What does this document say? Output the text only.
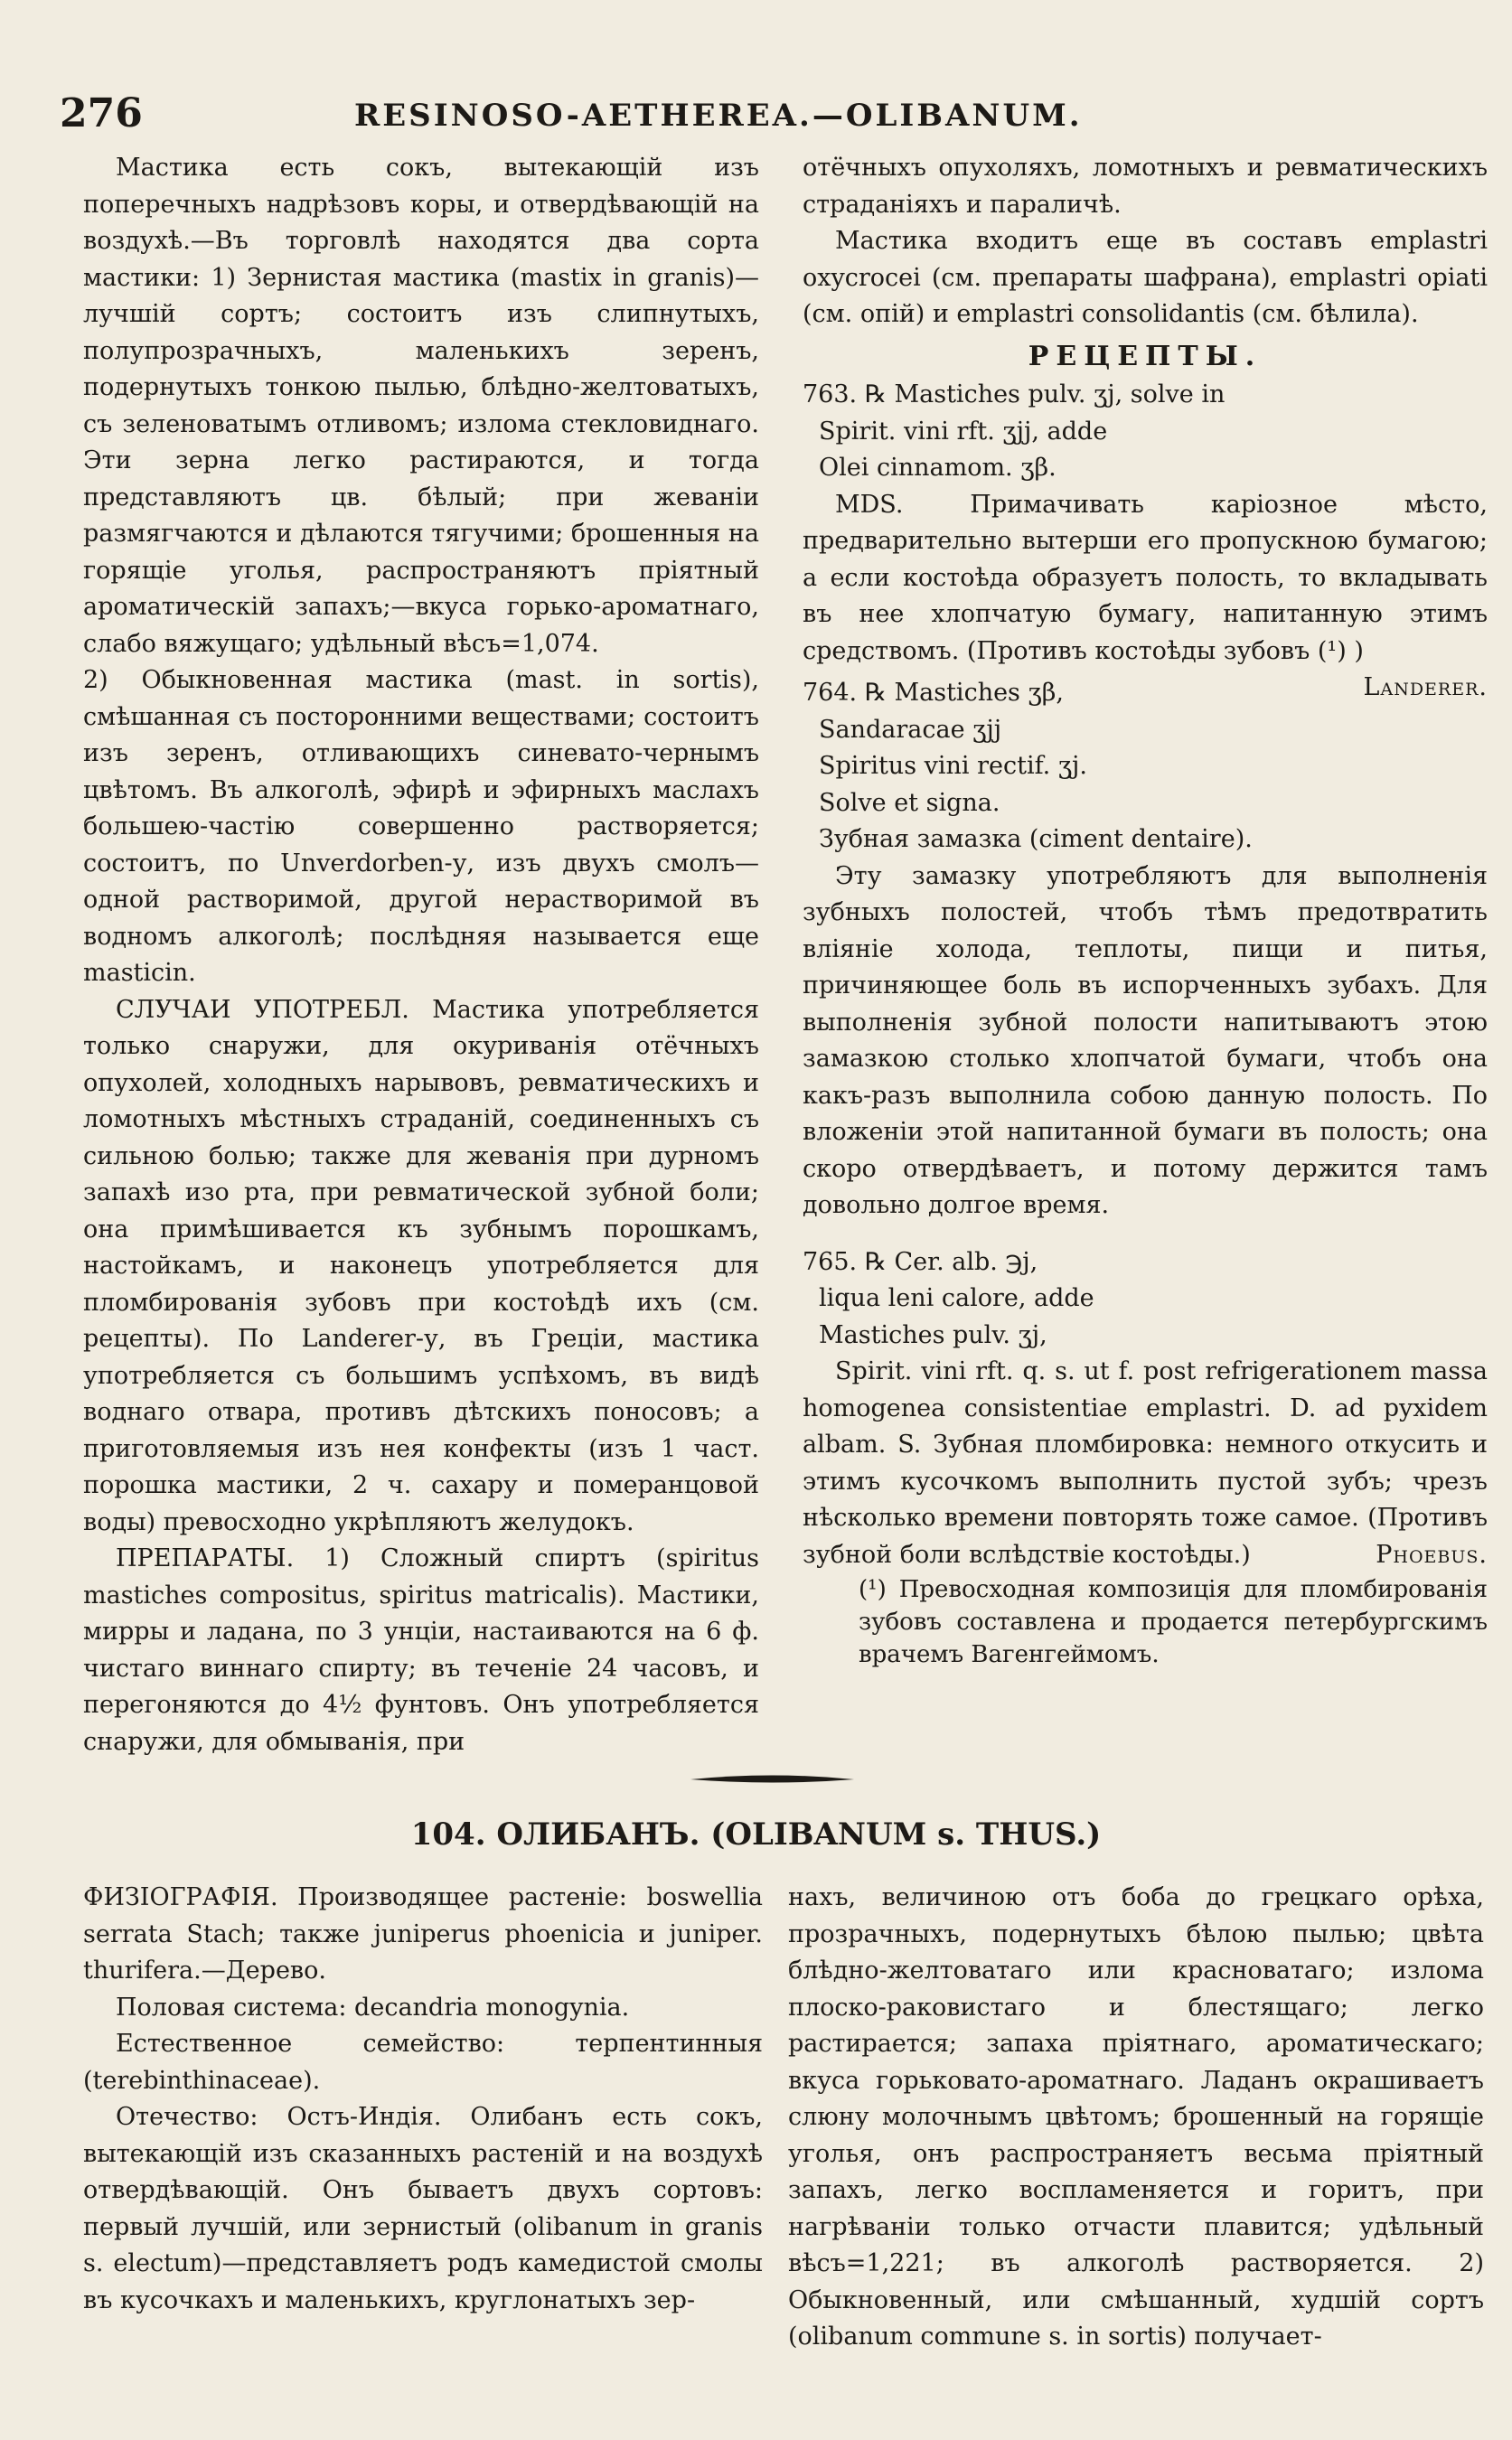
276	RESINOSO-AETHEREA.—OLIBANUM.

Мастика есть сокъ, вытекающій изъ поперечныхъ надрѣзовъ коры, и отвердѣвающій на воздухѣ.—Въ торговлѣ находятся два сорта мастики: 1) Зернистая мастика (mastix in granis)—лучшій сортъ; состоитъ изъ слипнутыхъ, полупрозрачныхъ, маленькихъ зеренъ, подернутыхъ тонкою пылью, блѣдно-желтоватыхъ, съ зеленоватымъ отливомъ; излома стекловиднаго. Эти зерна легко растираются, и тогда представляютъ цв. бѣлый; при жеваніи размягчаются и дѣлаются тягучими; брошенныя на горящіе уголья, распространяютъ пріятный ароматическій запахъ;—вкуса горько-ароматнаго, слабо вяжущаго; удѣльный вѣсъ=1,074.

2) Обыкновенная мастика (mast. in sortis), смѣшанная съ посторонними веществами; состоитъ изъ зеренъ, отливающихъ синевато-чернымъ цвѣтомъ. Въ алкоголѣ, эфирѣ и эфирныхъ маслахъ большею-частію совершенно растворяется; состоитъ, по Unverdorben-у, изъ двухъ смолъ—одной растворимой, другой нерастворимой въ водномъ алкоголѣ; послѣдняя называется еще masticin.

СЛУЧАИ УПОТРЕБЛ. Мастика употребляется только снаружи, для окуриванія отёчныхъ опухолей, холодныхъ нарывовъ, ревматическихъ и ломотныхъ мѣстныхъ страданій, соединенныхъ съ сильною болью; также для жеванія при дурномъ запахѣ изо рта, при ревматической зубной боли; она примѣшивается къ зубнымъ порошкамъ, настойкамъ, и наконецъ употребляется для пломбированія зубовъ при костоѣдѣ ихъ (см. рецепты). По Landerer-у, въ Греціи, мастика употребляется съ большимъ успѣхомъ, въ видѣ воднаго отвара, противъ дѣтскихъ поносовъ; а приготовляемыя изъ нея конфекты (изъ 1 част. порошка мастики, 2 ч. сахару и померанцовой воды) превосходно укрѣпляютъ желудокъ.

ПРЕПАРАТЫ. 1) Сложный спиртъ (spiritus mastiches compositus, spiritus matricalis). Мастики, мирры и ладана, по 3 унціи, настаиваются на 6 ф. чистаго виннаго спирту; въ теченіе 24 часовъ, и перегоняются до 4½ фунтовъ. Онъ употребляется снаружи, для обмыванія, при

отёчныхъ опухоляхъ, ломотныхъ и ревматическихъ страданіяхъ и параличѣ.

Мастика входитъ еще въ составъ emplastri oxycrocei (см. препараты шафрана), emplastri opiati (см. опій) и emplastri consolidantis (см. бѣлила).

РЕЦЕПТЫ.
763. ℞ Mastiches pulv. ʒj, solve in
Spirit. vini rft. ʒjj, adde
Olei cinnamom. ʒβ.

MDS. Примачивать каріозное мѣсто, предварительно вытерши его пропускною бумагою; а если костоѣда образуетъ полость, то вкладывать въ нее хлопчатую бумагу, напитанную этимъ средствомъ. (Противъ костоѣды зубовъ (¹) )
Landerer.

764. ℞ Mastiches ʒβ,
Sandaracae ʒjj
Spiritus vini rectif. ʒj.
Solve et signa.
Зубная замазка (ciment dentaire).

Эту замазку употребляютъ для выполненія зубныхъ полостей, чтобъ тѣмъ предотвратить вліяніе холода, теплоты, пищи и питья, причиняющее боль въ испорченныхъ зубахъ. Для выполненія зубной полости напитываютъ этою замазкою столько хлопчатой бумаги, чтобъ она какъ-разъ выполнила собою данную полость. По вложеніи этой напитанной бумаги въ полость; она скоро отвердѣваетъ, и потому держится тамъ довольно долгое время.

765. ℞ Cer. alb. ℈j,
liqua leni calore, adde
Mastiches pulv. ʒj,

Spirit. vini rft. q. s. ut f. post refrigerationem massa homogenea consistentiae emplastri. D. ad pyxidem albam. S. Зубная пломбировка: немного откусить и этимъ кусочкомъ выполнить пустой зубъ; чрезъ нѣсколько времени повторять тоже самое. (Противъ зубной боли вслѣдствіе костоѣды.)	Phoebus.

(¹) Превосходная композиція для пломбированія зубовъ составлена и продается петербургскимъ врачемъ Вагенгеймомъ.

104. ОЛИБАНЪ. (OLIBANUM s. THUS.)

ФИЗІОГРАФІЯ. Производящее растеніе: boswellia serrata Stach; также juniperus phoenicia и juniper. thurifera.—Дерево.

Половая система: decandria monogynia.

Естественное семейство: терпентинныя (terebinthinaceae).

Отечество: Остъ-Индія. Олибанъ есть сокъ, вытекающій изъ сказанныхъ растеній и на воздухѣ отвердѣвающій. Онъ бываетъ двухъ сортовъ: первый лучшій, или зернистый (olibanum in granis s. electum)—представляетъ родъ камедистой смолы въ кусочкахъ и маленькихъ, круглонатыхъ зер-

нахъ, величиною отъ боба до грецкаго орѣха, прозрачныхъ, подернутыхъ бѣлою пылью; цвѣта блѣдно-желтоватаго или красноватаго; излома плоско-раковистаго и блестящаго; легко растирается; запаха пріятнаго, ароматическаго; вкуса горьковато-ароматнаго. Ладанъ окрашиваетъ слюну молочнымъ цвѣтомъ; брошенный на горящіе уголья, онъ распространяетъ весьма пріятный запахъ, легко воспламеняется и горитъ, при нагрѣваніи только отчасти плавится; удѣльный вѣсъ=1,221; въ алкоголѣ растворяется. 2) Обыкновенный, или смѣшанный, худшій сортъ (olibanum commune s. in sortis) получает-
